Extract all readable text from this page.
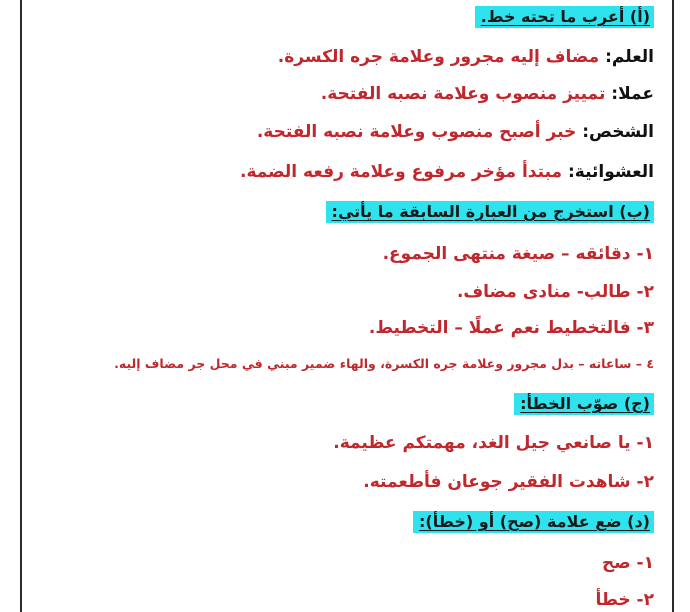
(أ) أعرب ما تحته خط.
العلم: مضاف إليه مجرور وعلامة جره الكسرة.
عملا: تمييز منصوب وعلامة نصبه الفتحة.
الشخص: خبر أصبح منصوب وعلامة نصبه الفتحة.
العشوائية: مبتدأ مؤخر مرفوع وعلامة رفعه الضمة.
(ب) استخرج من العبارة السابقة ما يأتي:
١- دقائقه – صيغة منتهى الجموع.
٢- طالب- منادى مضاف.
٣- فالتخطيط نعم عملًا – التخطيط.
٤ – ساعاته – بدل مجرور وعلامة جره الكسرة، والهاء ضمير مبني في محل جر مضاف إليه.
(ج) صوّب الخطأ:
١- يا صانعي جيل الغد، مهمتكم عظيمة.
٢- شاهدت الفقير جوعان فأطعمته.
(د) ضع علامة (صح) أو (خطأ):
١- صح
٢- خطأ
